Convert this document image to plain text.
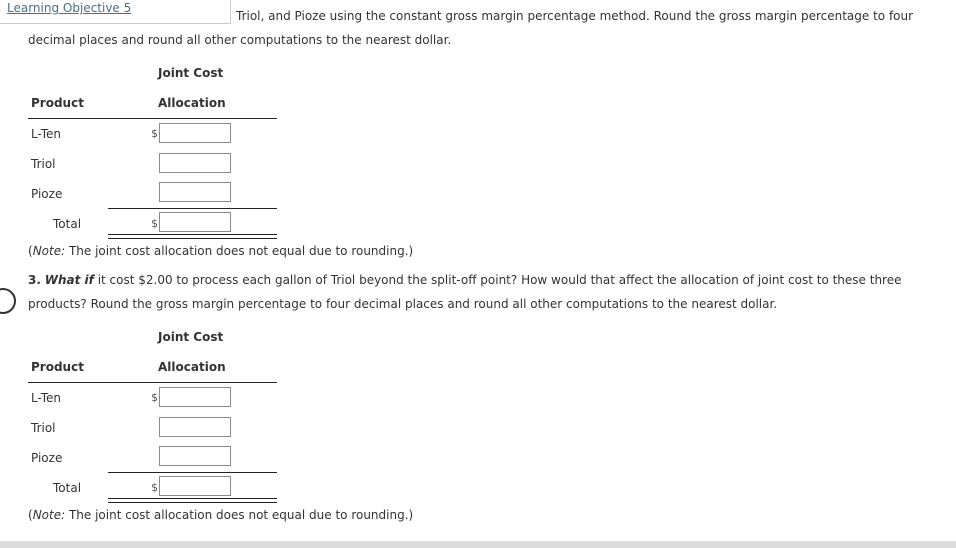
Learning Objective 5
Triol, and Pioze using the constant gross margin percentage method. Round the gross margin percentage to four
decimal places and round all other computations to the nearest dollar.
Joint Cost
Product	Allocation
L-Ten	$
Triol
Pioze
Total	$
(Note: The joint cost allocation does not equal due to rounding.)
3. What if it cost $2.00 to process each gallon of Triol beyond the split-off point? How would that affect the allocation of joint cost to these three
products? Round the gross margin percentage to four decimal places and round all other computations to the nearest dollar.
Joint Cost
Product	Allocation
L-Ten	$
Triol
Pioze
Total	$
(Note: The joint cost allocation does not equal due to rounding.)
